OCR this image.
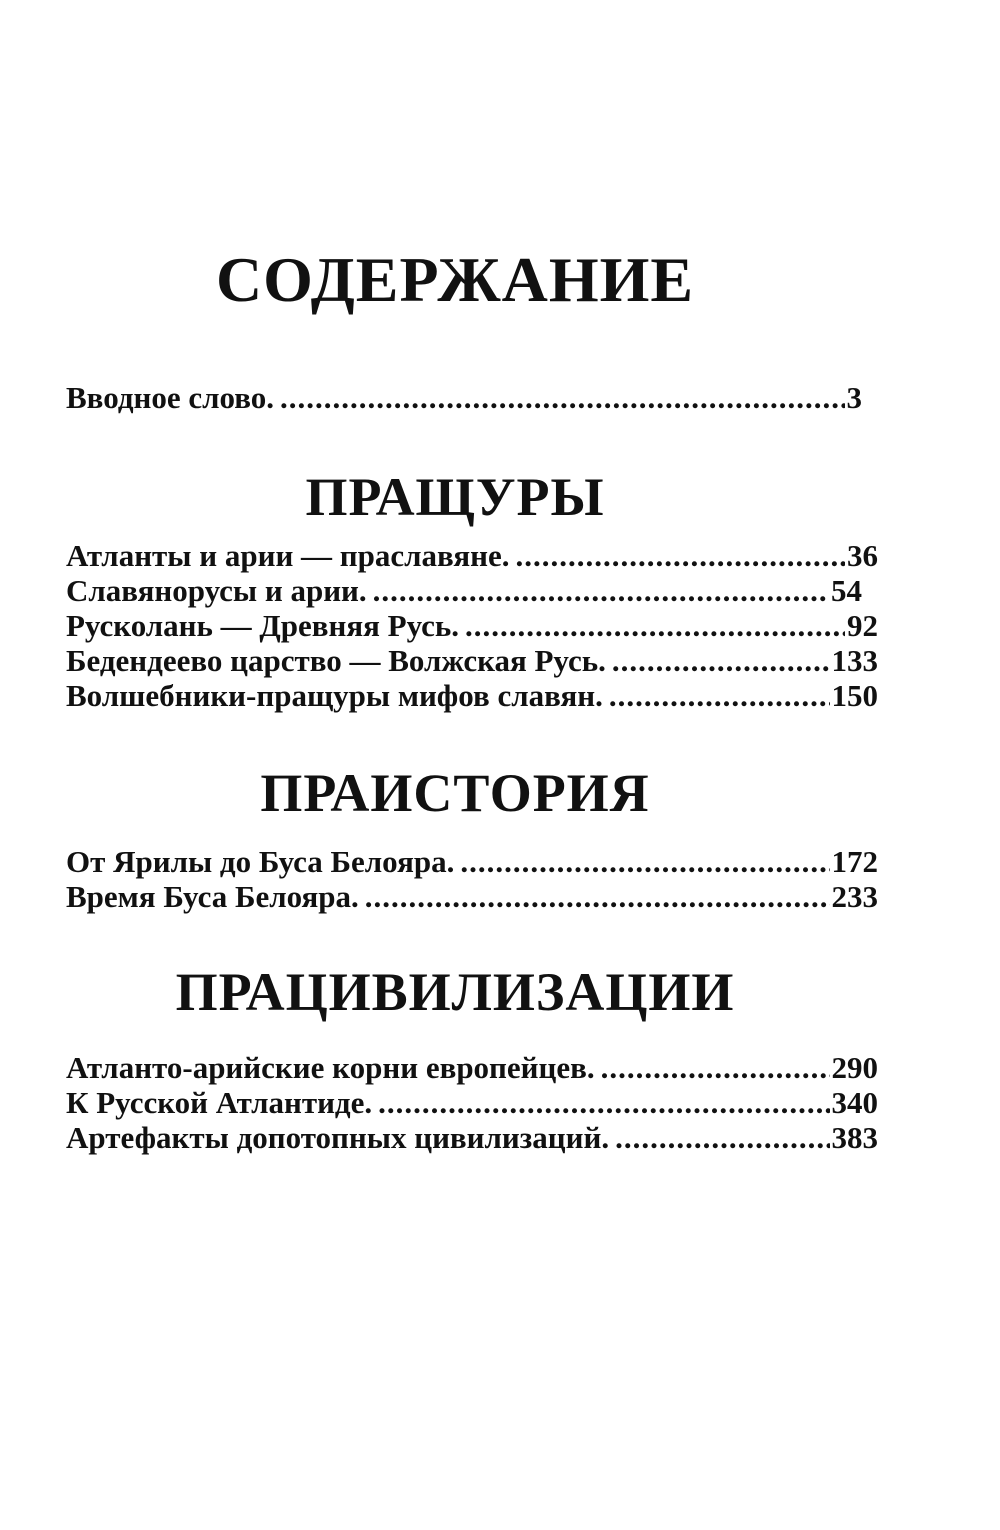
СОДЕРЖАНИЕ
Вводное слово. .....	3
ПРАЩУРЫ
Атланты и арии — праславяне. .....	36
Славянорусы и арии. .....	54
Русколань — Древняя Русь. .....	92
Бедендеево царство — Волжская Русь. .....	133
Волшебники-пращуры мифов славян. .....	150
ПРАИСТОРИЯ
От Ярилы до Буса Белояра. .....	172
Время Буса Белояра. .....	233
ПРАЦИВИЛИЗАЦИИ
Атланто-арийские корни европейцев. .....	290
К Русской Атлантиде. .....	340
Артефакты допотопных цивилизаций. .....	383
